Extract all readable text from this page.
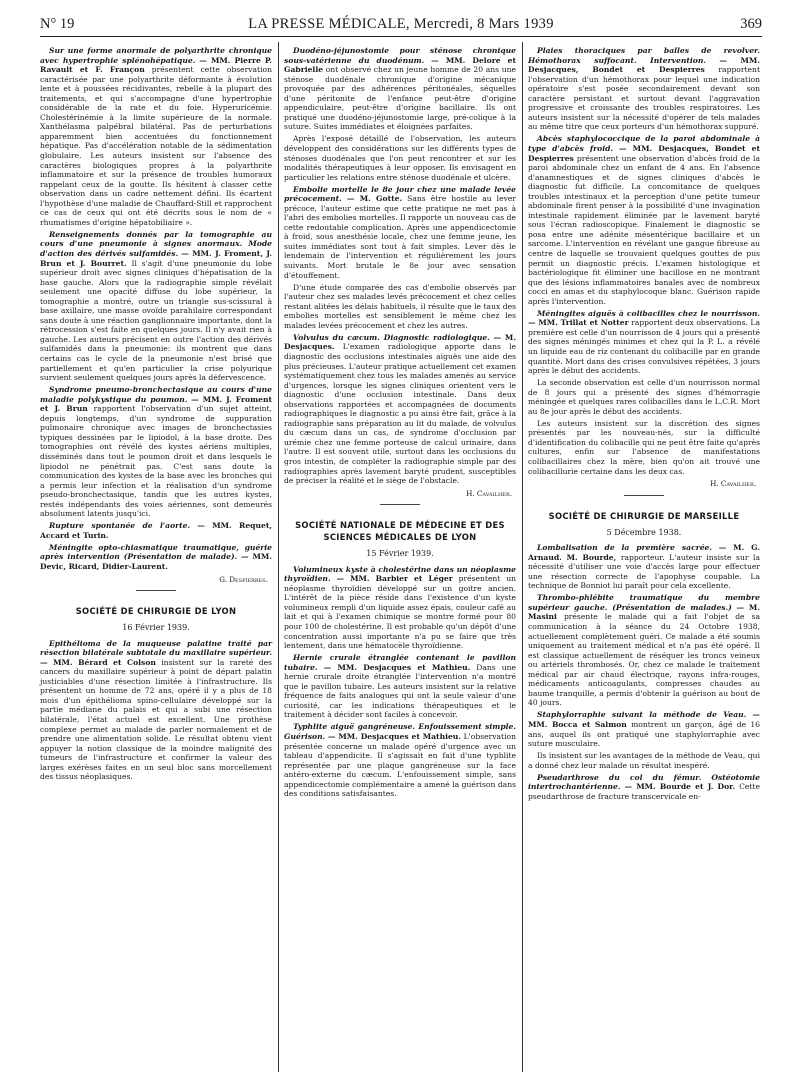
N° 19	LA PRESSE MÉDICALE, Mercredi, 8 Mars 1939	369

Sur une forme anormale de polyarthrite chronique avec hypertrophie splénohépatique. — MM. Pierre P. Ravault et F. Françon présentent cette observation caractérisée par une polyarthrite déformante à évolution lente et à poussées récidivantes, rebelle à la plupart des traitements, et qui s'accompagne d'une hypertrophie considérable de la rate et du foie. Hyperuricémie. Cholestérinémie à la limite supérieure de la normale. Xanthélasma palpébral bilatéral. Pas de perturbations apparemment bien accentuées du fonctionnement hépatique. Pas d'accélération notable de la sédimentation globulaire. Les auteurs insistent sur l'absence des caractères biologiques propres à la polyarthrite inflammatoire et sur la présence de troubles humoraux rappelant ceux de la goutte. Ils hésitent à classer cette observation dans un cadre nettement défini. Ils écartent l'hypothèse d'une maladie de Chauffard-Still et rapprochent ce cas de ceux qui ont été décrits sous le nom de « rhumatismes d'origine hépatobiliaire ».

Renseignements donnés par la tomographie au cours d'une pneumonie à signes anormaux. Mode d'action des dérivés sulfamidés. — MM. J. Froment, J. Brun et J. Bourret. Il s'agit d'une pneumonie du lobe supérieur droit avec signes cliniques d'hépatisation de la base gauche. Alors que la radiographie simple révélait seulement une opacité diffuse du lobe supérieur, la tomographie a montré, outre un triangle sus-scissural à base axillaire, une masse ovoïde parahilaire correspondant sans doute à une réaction ganglionnaire importante, dont la rétrocession s'est faite en quelques jours. Il n'y avait rien à gauche. Les auteurs précisent en outre l'action des dérivés sulfamidés dans la pneumonie: ils montrent que dans certains cas le cycle de la pneumonie n'est brisé que partiellement et qu'en particulier la crise polyurique survient seulement quelques jours après la défervescence.

Syndrome pneumo-bronchectasique au cours d'une maladie polykystique du poumon. — MM. J. Froment et J. Brun rapportent l'observation d'un sujet atteint, depuis longtemps, d'un syndrome de suppuration pulmonaire chronique avec images de bronchectasies typiques dessinées par le lipiodol, à la base droite. Des tomographies ont révélé des kystes aériens multiples, disséminés dans tout le poumon droit et dans lesquels le lipiodol ne pénétrait pas. C'est sans doute la communication des kystes de la base avec les bronches qui a permis leur infection et la réalisation d'un syndrome pseudo-bronchectasique, tandis que les autres kystes, restés indépendants des voies aériennes, sont demeurés absolument latents jusqu'ici.

Rupture spontanée de l'aorte. — MM. Requet, Accard et Turin.

Méningite opto-chiasmatique traumatique, guérie après intervention (Présentation de malade). — MM. Devic, Ricard, Didier-Laurent.

G. Despierres.

SOCIÉTÉ DE CHIRURGIE DE LYON
16 Février 1939.

Epithélioma de la muqueuse palatine traité par résection bilatérale subtotale du maxillaire supérieur. — MM. Bérard et Colson insistent sur la rareté des cancers du maxillaire supérieur à point de départ palatin justiciables d'une résection limitée à l'infrastructure. Ils présentent un homme de 72 ans, opéré il y a plus de 18 mois d'un épithélioma spino-cellulaire développé sur la partie médiane du palais et qui a subi une résection bilatérale, l'état actuel est excellent. Une prothèse complexe permet au malade de parler normalement et de prendre une alimentation solide. Le résultat obtenu vient appuyer la notion classique de la moindre malignité des tumeurs de l'infrastructure et confirmer la valeur des larges exérèses faites en un seul bloc sans morcellement des tissus néoplasiques.

Duodéno-jéjunostomie pour sténose chronique sous-vatérienne du duodénum. — MM. Delore et Gabrielle ont observé chez un jeune homme de 20 ans une sténose duodénale chronique d'origine mécanique provoquée par des adhérences péritonéales, séquelles d'une péritonite de l'enfance peut-être d'origine appendiculaire, peut-être d'origine bacillaire. Ils ont pratiqué une duodéno-jéjunostomie large, pré-colique à la suture. Suites immédiates et éloignées parfaites.

Après l'exposé détaillé de l'observation, les auteurs développent des considérations sur les différents types de sténoses duodénales que l'on peut rencontrer et sur les modalités thérapeutiques à leur opposer. Ils envisagent en particulier les relations entre sténose duodénale et ulcère.

Embolie mortelle le 8e jour chez une malade levée précocement. — M. Gotte. Sans être hostile au lever précoce, l'auteur estime que cette pratique ne met pas à l'abri des embolies mortelles. Il rapporte un nouveau cas de cette redoutable complication. Après une appendicectomie à froid, sous anesthésie locale, chez une femme jeune, les suites immédiates sont tout à fait simples. Lever dès le lendemain de l'intervention et régulièrement les jours suivants. Mort brutale le 8e jour avec sensation d'étouffement.

D'une étude comparée des cas d'embolie observés par l'auteur chez ses malades levés précocement et chez celles restant alitées les délais habituels, il résulte que le taux des embolies mortelles est sensiblement le même chez les malades levées précocement et chez les autres.

Volvulus du cæcum. Diagnostic radiologique. — M. Desjacques. L'examen radiologique apporte dans le diagnostic des occlusions intestinales aiguës une aide des plus précieuses. L'auteur pratique actuellement cet examen systématiquement chez tous les malades amenés au service d'urgences, lorsque les signes cliniques orientent vers le diagnostic d'une occlusion intestinale. Dans deux observations rapportées et accompagnées de documents radiographiques le diagnostic a pu ainsi être fait, grâce à la radiographie sans préparation au lit du malade, de volvulus du cæcum dans un cas, de syndrome d'occlusion par urémie chez une femme porteuse de calcul urinaire, dans l'autre. Il est souvent utile, surtout dans les occlusions du gros intestin, de compléter la radiographie simple par des radiographies après lavement baryté prudent, susceptibles de préciser la réalité et le siège de l'obstacle.

H. Cavailher.

SOCIÉTÉ NATIONALE DE MÉDECINE ET DES SCIENCES MÉDICALES DE LYON
15 Février 1939.

Volumineux kyste à cholestérine dans un néoplasme thyroïdien. — MM. Barbier et Léger présentent un néoplasme thyroïdien développé sur un goitre ancien. L'intérêt de la pièce réside dans l'existence d'un kyste volumineux rempli d'un liquide assez épais, couleur café au lait et qui à l'examen chimique se montre formé pour 80 pour 100 de cholestérine. Il est probable qu'un dépôt d'une concentration aussi importante n'a pu se faire que très lentement, dans une hématocèle thyroïdienne.

Hernie crurale étranglée contenant le pavillon tubaire. — MM. Desjacques et Mathieu. Dans une hernie crurale droite étranglée l'intervention n'a montré que le pavillon tubaire. Les auteurs insistent sur la relative fréquence de faits analogues qui ont la seule valeur d'une curiosité, car les indications thérapeutiques et le traitement à décider sont faciles à concevoir.

Typhlite aiguë gangréneuse. Enfouissement simple. Guérison. — MM. Desjacques et Mathieu. L'observation présentée concerne un malade opéré d'urgence avec un tableau d'appendicite. Il s'agissait en fait d'une typhlite représentée par une plaque gangréneuse sur la face antéro-externe du cæcum. L'enfouissement simple, sans appendicectomie complémentaire a amené la guérison dans des conditions satisfaisantes.

Plaies thoraciques par balles de revolver. Hémothorax suffocant. Intervention. — MM. Desjacques, Bondet et Despierres rapportent l'observation d'un hémothorax pour lequel une indication opératoire s'est posée secondairement devant son caractère persistant et surtout devant l'aggravation progressive et croissante des troubles respiratoires. Les auteurs insistent sur la nécessité d'opérer de tels malades au même titre que ceux porteurs d'un hémothorax suppuré.

Abcès staphylococcique de la paroi abdominale à type d'abcès froid. — MM. Desjacques, Bondet et Despierres présentent une observation d'abcès froid de la paroi abdominale chez un enfant de 4 ans. En l'absence d'anamnestiques et de signes cliniques d'abcès le diagnostic fut difficile. La concomitance de quelques troubles intestinaux et la perception d'une petite tumeur abdominale firent penser à la possibilité d'une invagination intestinale rapidement éliminée par le lavement baryté sous l'écran radioscopique. Finalement le diagnostic se posa entre une adénite mésentérique bacillaire et un sarcome. L'intervention en révélant une gangue fibreuse au centre de laquelle se trouvaient quelques gouttes de pus permit un diagnostic précis. L'examen histologique et bactériologique fit éliminer une bacillose en ne montrant que des lésions inflammatoires banales avec de nombreux cocci en amas et du staphylocoque blanc. Guérison rapide après l'intervention.

Méningites aiguës à colibacilles chez le nourrisson. — MM. Trillat et Notter rapportent deux observations. La première est celle d'un nourrisson de 4 jours qui a présenté des signes méningés minimes et chez qui la P. L. a révélé un liquide eau de riz contenant du colibacille par en grande quantité. Mort dans des crises convulsives répétées, 3 jours après le début des accidents.

La seconde observation est celle d'un nourrisson normal de 8 jours qui a présenté des signes d'hémorragie méningée et quelques rares colibacilles dans le L.C.R. Mort au 8e jour après le début des accidents.

Les auteurs insistent sur la discrétion des signes présentés par les nouveau-nés, sur la difficulté d'identification du colibacille qui ne peut être faite qu'après cultures, enfin sur l'absence de manifestations colibacillaires chez la mère, bien qu'on ait trouvé une colibacillurie certaine dans les deux cas.

H. Cavailher.

SOCIÉTÉ DE CHIRURGIE DE MARSEILLE
5 Décembre 1938.

Lombalisation de la première sacrée. — M. G. Arnaud. M. Bourde, rapporteur. L'auteur insiste sur la nécessité d'utiliser une voie d'accès large pour effectuer une résection correcte de l'apophyse coupable. La technique de Bonniot lui paraît pour cela excellente.

Thrombo-phlébite traumatique du membre supérieur gauche. (Présentation de malades.) — M. Masini présente le malade qui a fait l'objet de sa communication à la séance du 24 Octobre 1938, actuellement complètement guéri. Ce malade a été soumis uniquement au traitement médical et n'a pas été opéré. Il est classique actuellement de réséquer les troncs veineux ou artériels thrombosés. Or, chez ce malade le traitement médical par air chaud électrique, rayons infra-rouges, médicaments anticoagulants, compresses chaudes au baume tranquille, a permis d'obtenir la guérison au bout de 40 jours.

Staphylorraphie suivant la méthode de Veau. — MM. Bocca et Salmon montrent un garçon, âgé de 16 ans, auquel ils ont pratiqué une staphylorraphie avec suture musculaire.

Ils insistent sur les avantages de la méthode de Veau, qui a donné chez leur malade un résultat inespéré.

Pseudarthrose du col du fémur. Ostéotomie intertrochantérienne. — MM. Bourde et J. Dor. Cette pseudarthrose de fracture transcervicale en-
